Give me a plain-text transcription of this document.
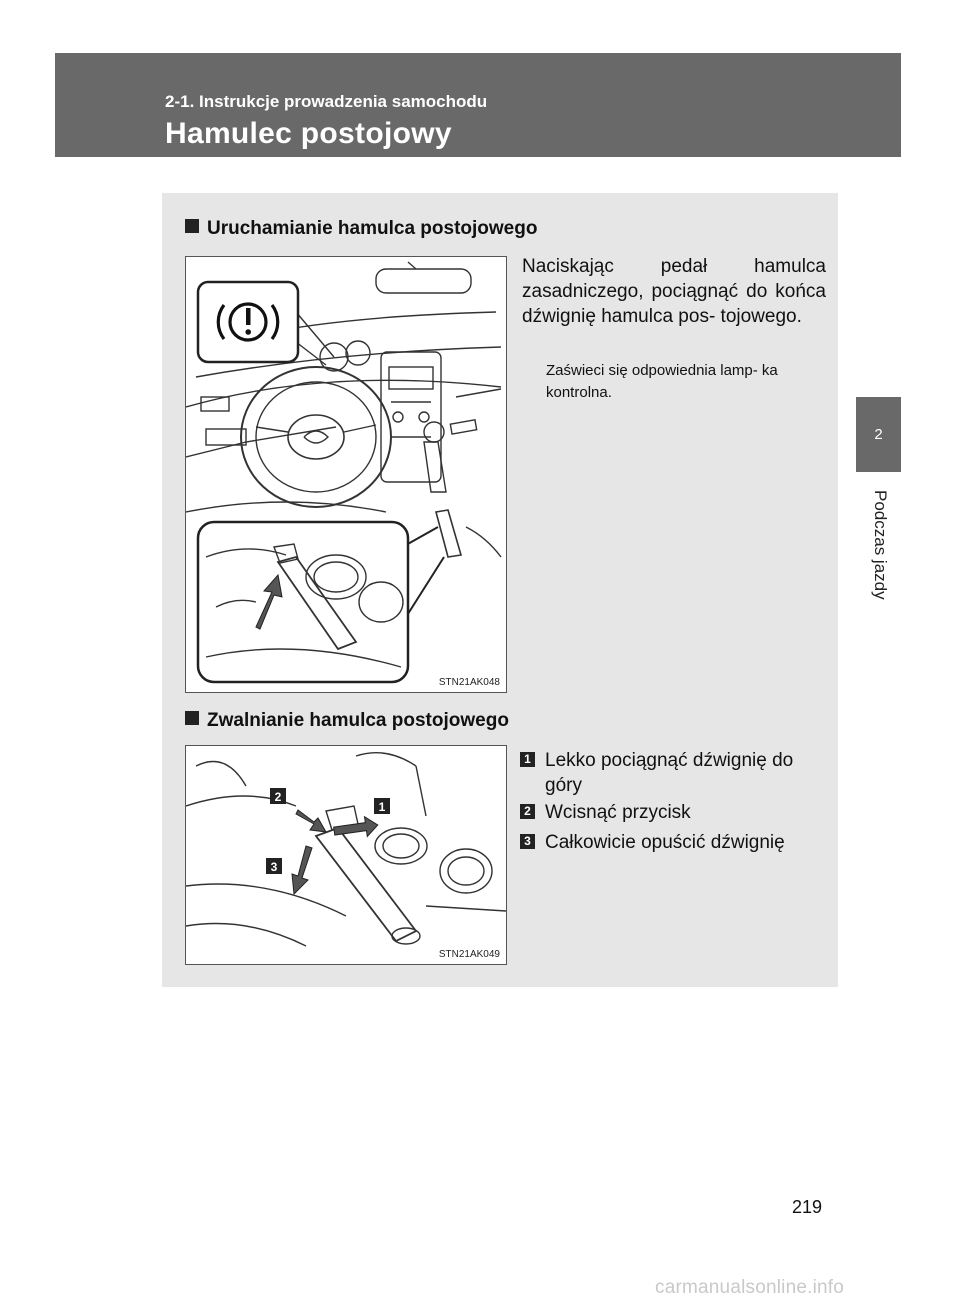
2-1. Instrukcje prowadzenia samochodu
Hamulec postojowy
2
Podczas jazdy
Uruchamianie hamulca postojowego
STN21AK048
Naciskając pedał hamulca zasadniczego, pociągnąć do końca dźwignię hamulca pos- tojowego.
Zaświeci się odpowiednia lamp- ka kontrolna.
Zwalnianie hamulca postojowego
2
1
3
STN21AK049
1 Lekko pociągnąć dźwignię do góry
2 Wcisnąć przycisk
3 Całkowicie opuścić dźwignię
219
carmanualsonline.info
